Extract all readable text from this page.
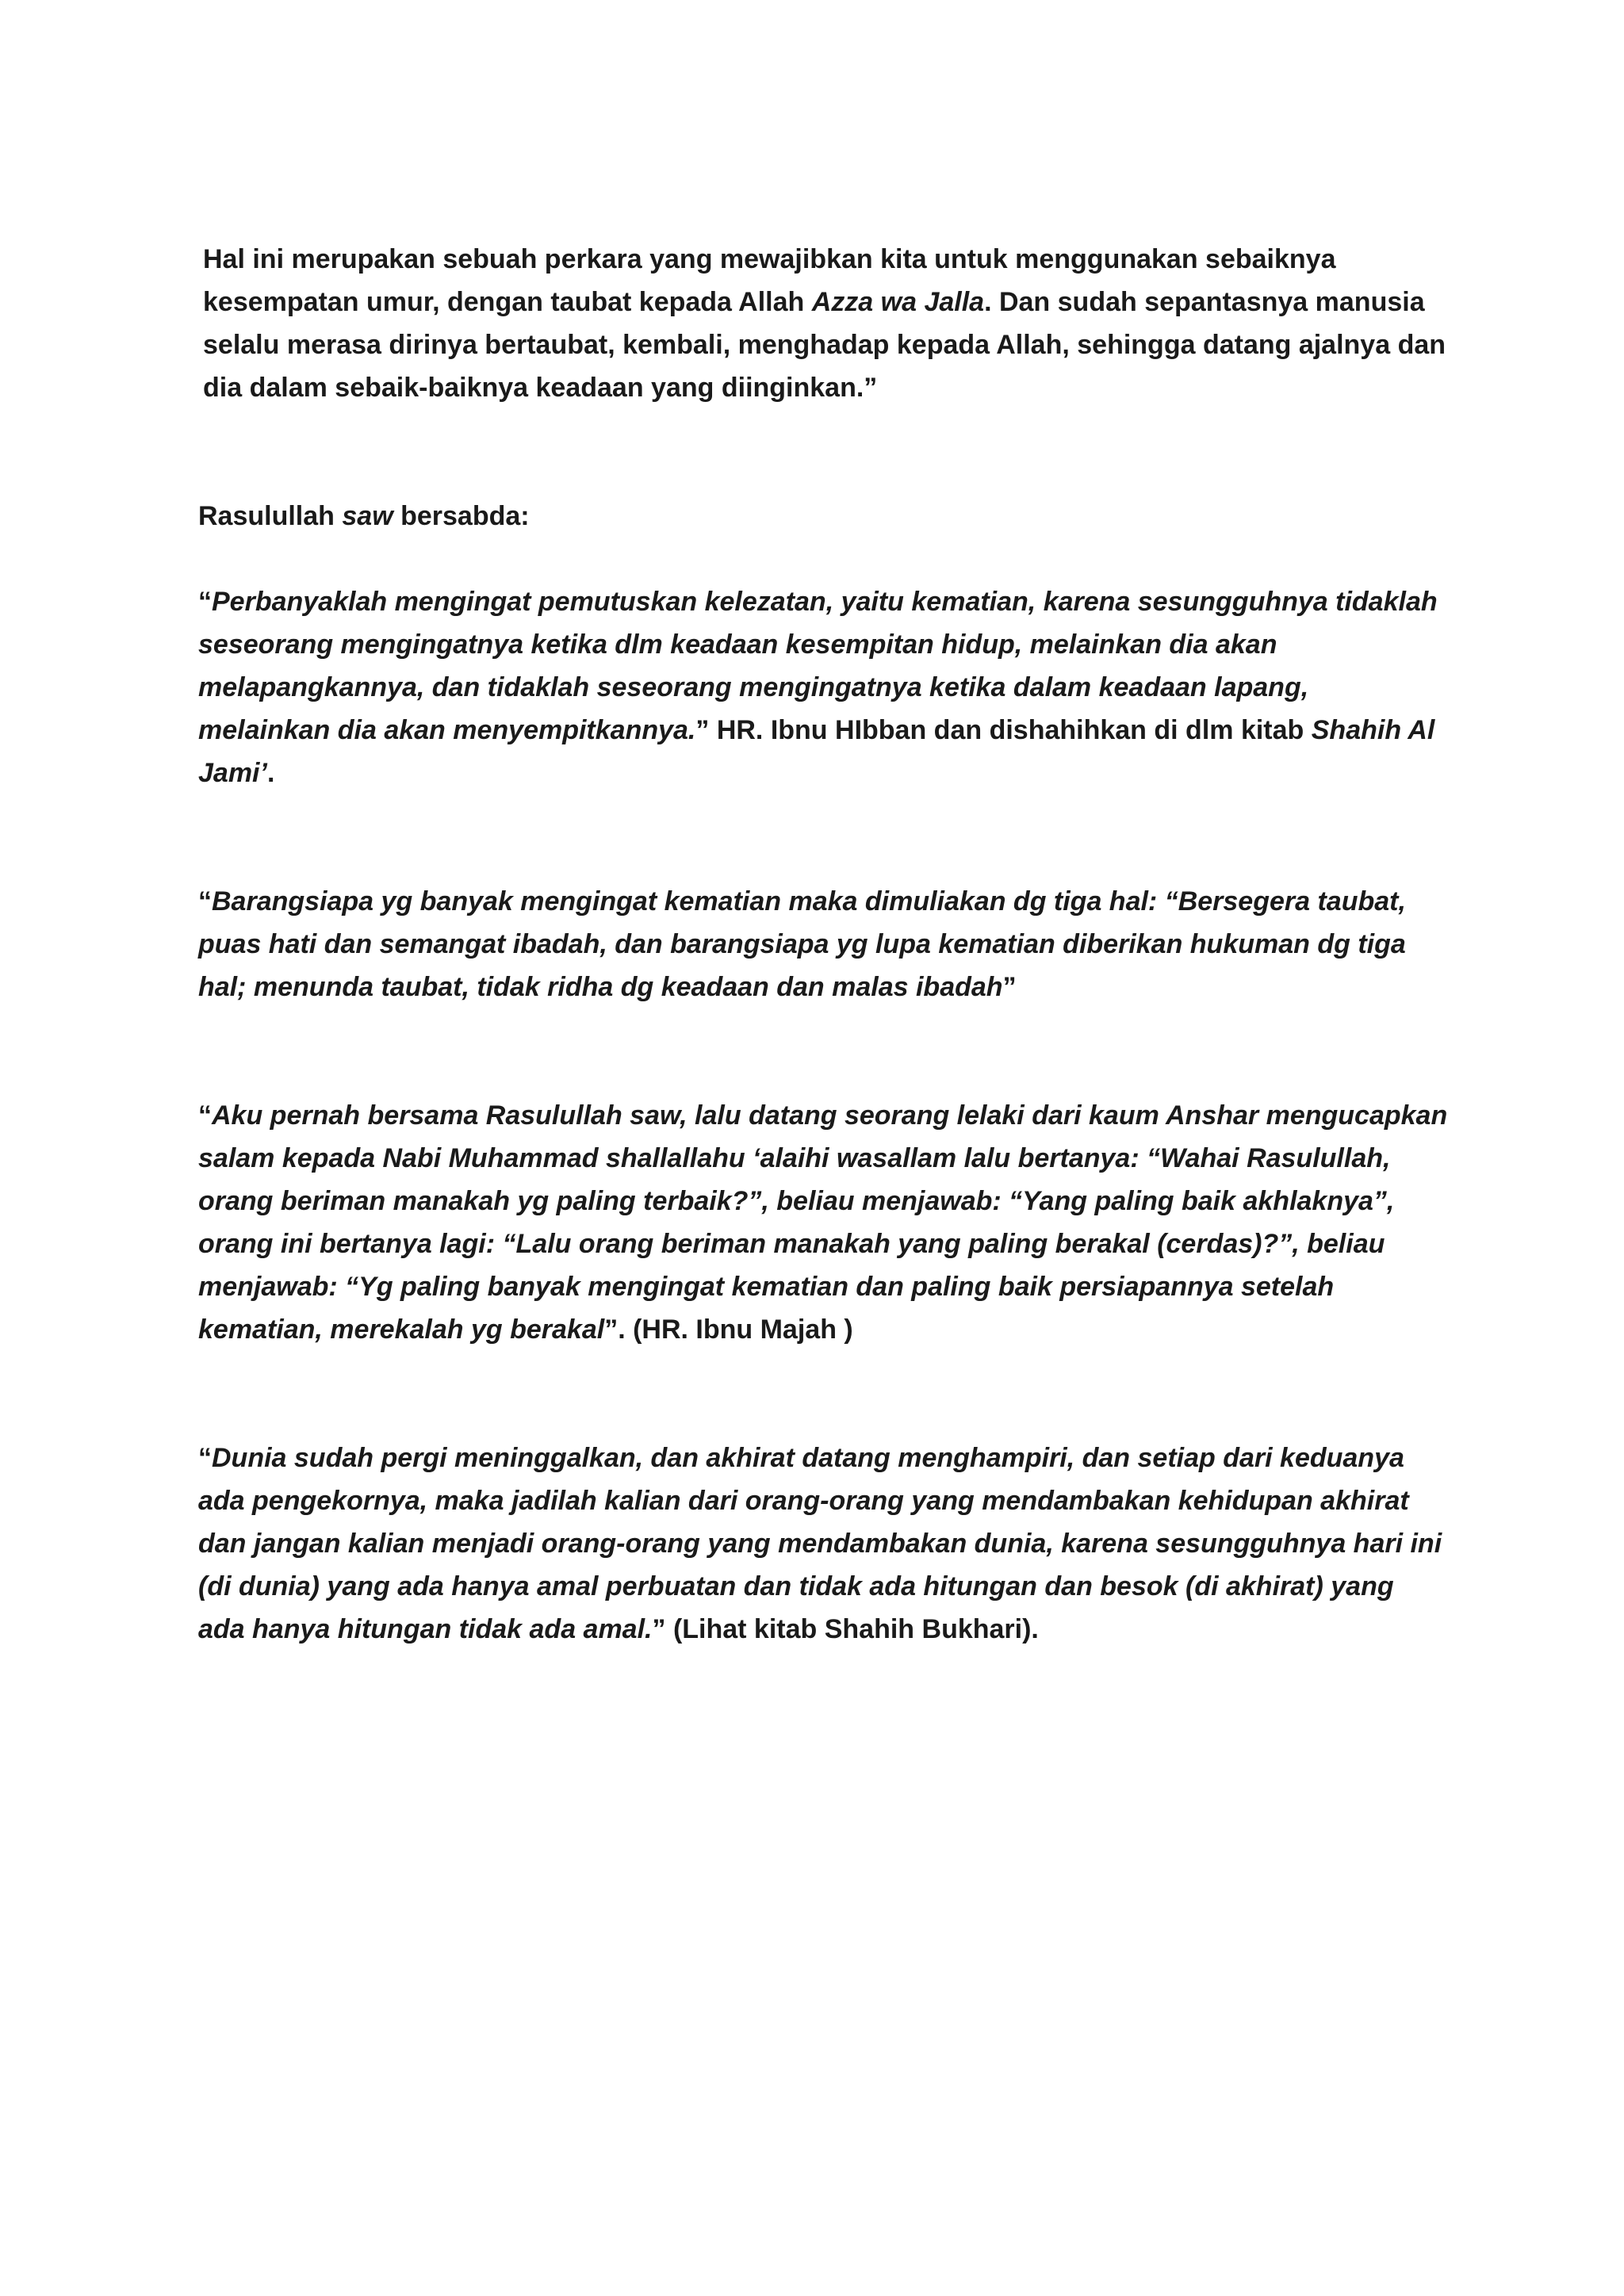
Hal ini merupakan sebuah perkara yang mewajibkan kita untuk menggunakan sebaiknya
kesempatan umur, dengan taubat kepada Allah Azza wa Jalla. Dan sudah sepantasnya manusia
selalu merasa dirinya bertaubat, kembali, menghadap kepada Allah, sehingga datang ajalnya dan
dia dalam sebaik-baiknya keadaan yang diinginkan.”

Rasulullah saw bersabda:

“Perbanyaklah mengingat pemutuskan kelezatan, yaitu kematian, karena sesungguhnya tidaklah
seseorang mengingatnya ketika dlm keadaan kesempitan hidup, melainkan dia akan
melapangkannya, dan tidaklah seseorang mengingatnya ketika dalam keadaan lapang,
melainkan dia akan menyempitkannya.” HR. Ibnu HIbban dan dishahihkan di dlm kitab Shahih Al
Jami’.

“Barangsiapa yg banyak mengingat kematian maka dimuliakan dg tiga hal: “Bersegera taubat,
puas hati dan semangat ibadah, dan barangsiapa yg lupa kematian diberikan hukuman dg tiga
hal; menunda taubat, tidak ridha dg keadaan dan malas ibadah”

“Aku pernah bersama Rasulullah saw, lalu datang seorang lelaki dari kaum Anshar mengucapkan
salam kepada Nabi Muhammad shallallahu ‘alaihi wasallam lalu bertanya: “Wahai Rasulullah,
orang beriman manakah yg paling terbaik?”, beliau menjawab: “Yang paling baik akhlaknya”,
orang ini bertanya lagi: “Lalu orang beriman manakah yang paling berakal (cerdas)?”, beliau
menjawab: “Yg paling banyak mengingat kematian dan paling baik persiapannya setelah
kematian, merekalah yg berakal”. (HR. Ibnu Majah )

“Dunia sudah pergi meninggalkan, dan akhirat datang menghampiri, dan setiap dari keduanya
ada pengekornya, maka jadilah kalian dari orang-orang yang mendambakan kehidupan akhirat
dan jangan kalian menjadi orang-orang yang mendambakan dunia, karena sesungguhnya hari ini
(di dunia) yang ada hanya amal perbuatan dan tidak ada hitungan dan besok (di akhirat) yang
ada hanya hitungan tidak ada amal.” (Lihat kitab Shahih Bukhari).
